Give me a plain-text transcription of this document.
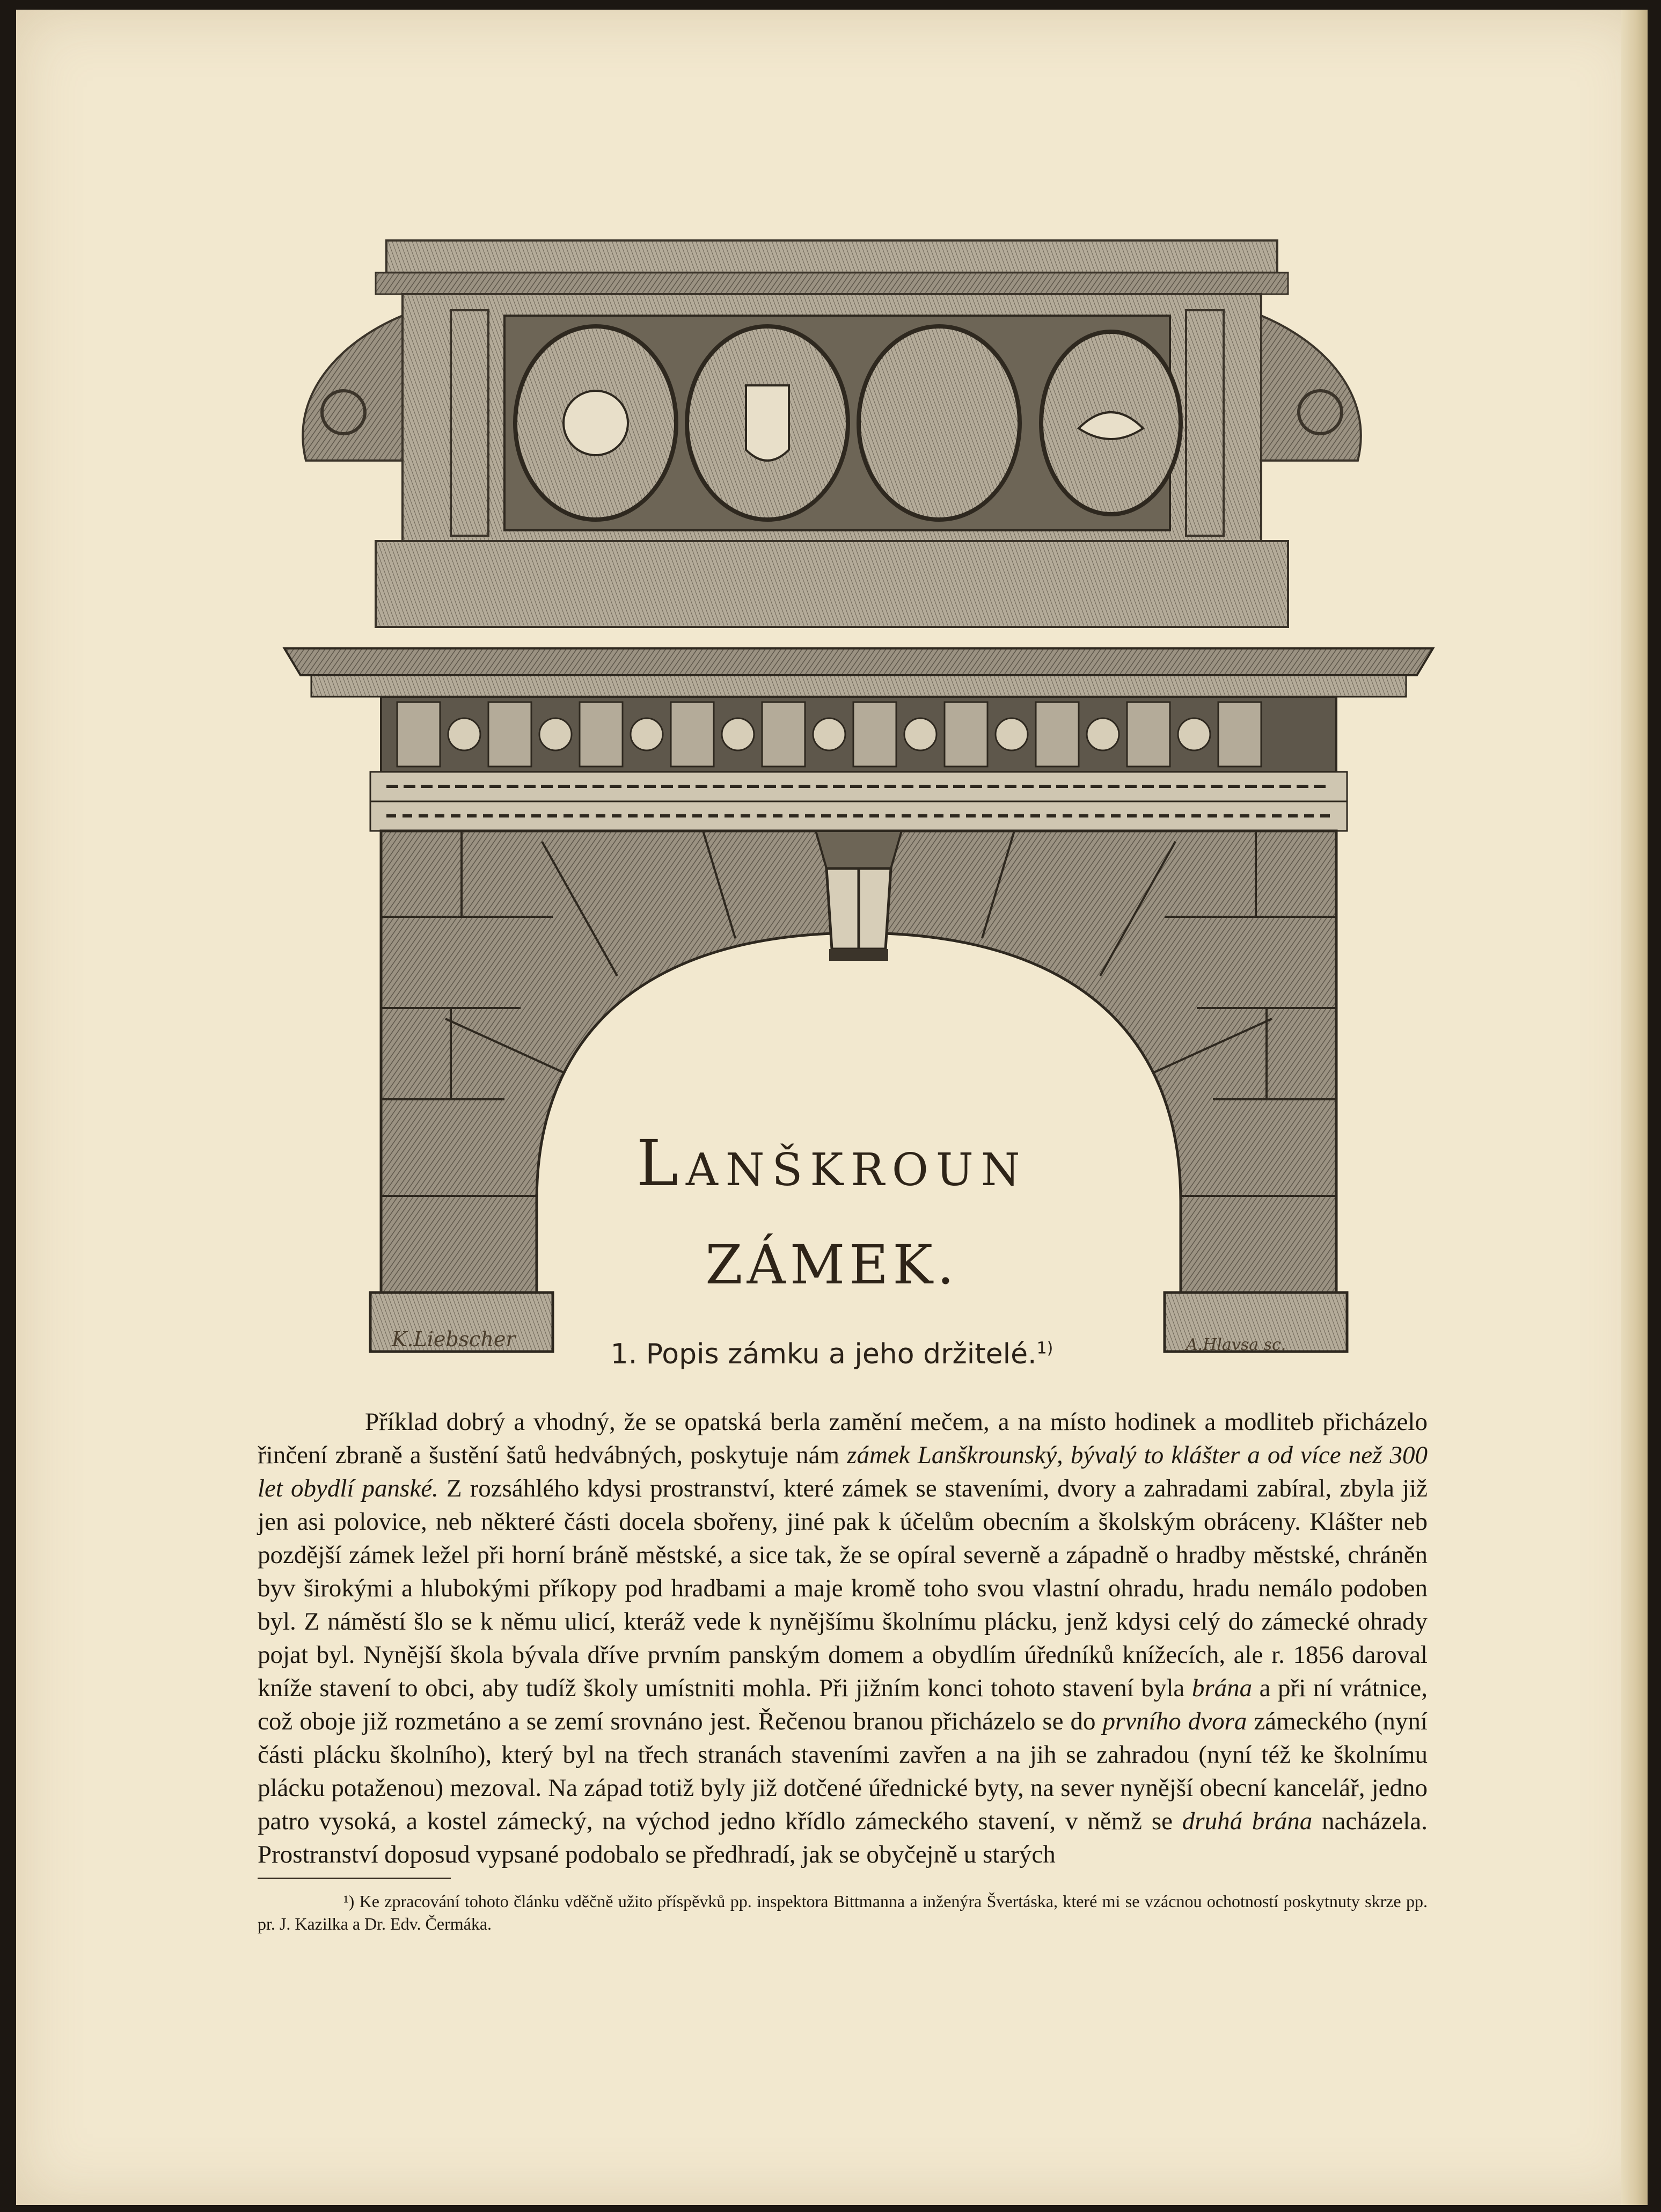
K.Liebscher	A.Hlavsa sc.
Lanškroun
ZÁMEK.
1. Popis zámku a jeho držitelé.$^{1)}$
Příklad dobrý a vhodný, že se opatská berla zamění mečem, a na místo hodinek a modliteb přicházelo řinčení zbraně a šustění šatů hedvábných, poskytuje nám zámek Lanškrounský, bývalý to klášter a od více než 300 let obydlí panské. Z rozsáhlého kdysi prostranství, které zámek se staveními, dvory a zahradami zabíral, zbyla již jen asi polovice, neb některé části docela sbořeny, jiné pak k účelům obecním a školským obráceny. Klášter neb pozdější zámek ležel při horní bráně městské, a sice tak, že se opíral severně a západně o hradby městské, chráněn byv širokými a hlubokými příkopy pod hradbami a maje kromě toho svou vlastní ohradu, hradu nemálo podoben byl. Z náměstí šlo se k němu ulicí, kteráž vede k nynějšímu školnímu plácku, jenž kdysi celý do zámecké ohrady pojat byl. Nynější škola bývala dříve prvním panským domem a obydlím úředníků knížecích, ale r. 1856 daroval kníže stavení to obci, aby tudíž školy umístniti mohla. Při jižním konci tohoto stavení byla brána a při ní vrátnice, což oboje již rozmetáno a se zemí srovnáno jest. Řečenou branou přicházelo se do prvního dvora zámeckého (nyní části plácku školního), který byl na třech stranách staveními zavřen a na jih se zahradou (nyní též ke školnímu plácku potaženou) mezoval. Na západ totiž byly již dotčené úřednické byty, na sever nynější obecní kancelář, jedno patro vysoká, a kostel zámecký, na východ jedno křídlo zámeckého stavení, v němž se druhá brána nacházela. Prostranství doposud vypsané podobalo se předhradí, jak se obyčejně u starých
¹) Ke zpracování tohoto článku vděčně užito příspěvků pp. inspektora Bittmanna a inženýra Švertáska, které mi se vzácnou ochotností poskytnuty skrze pp. pr. J. Kazilka a Dr. Edv. Čermáka.
